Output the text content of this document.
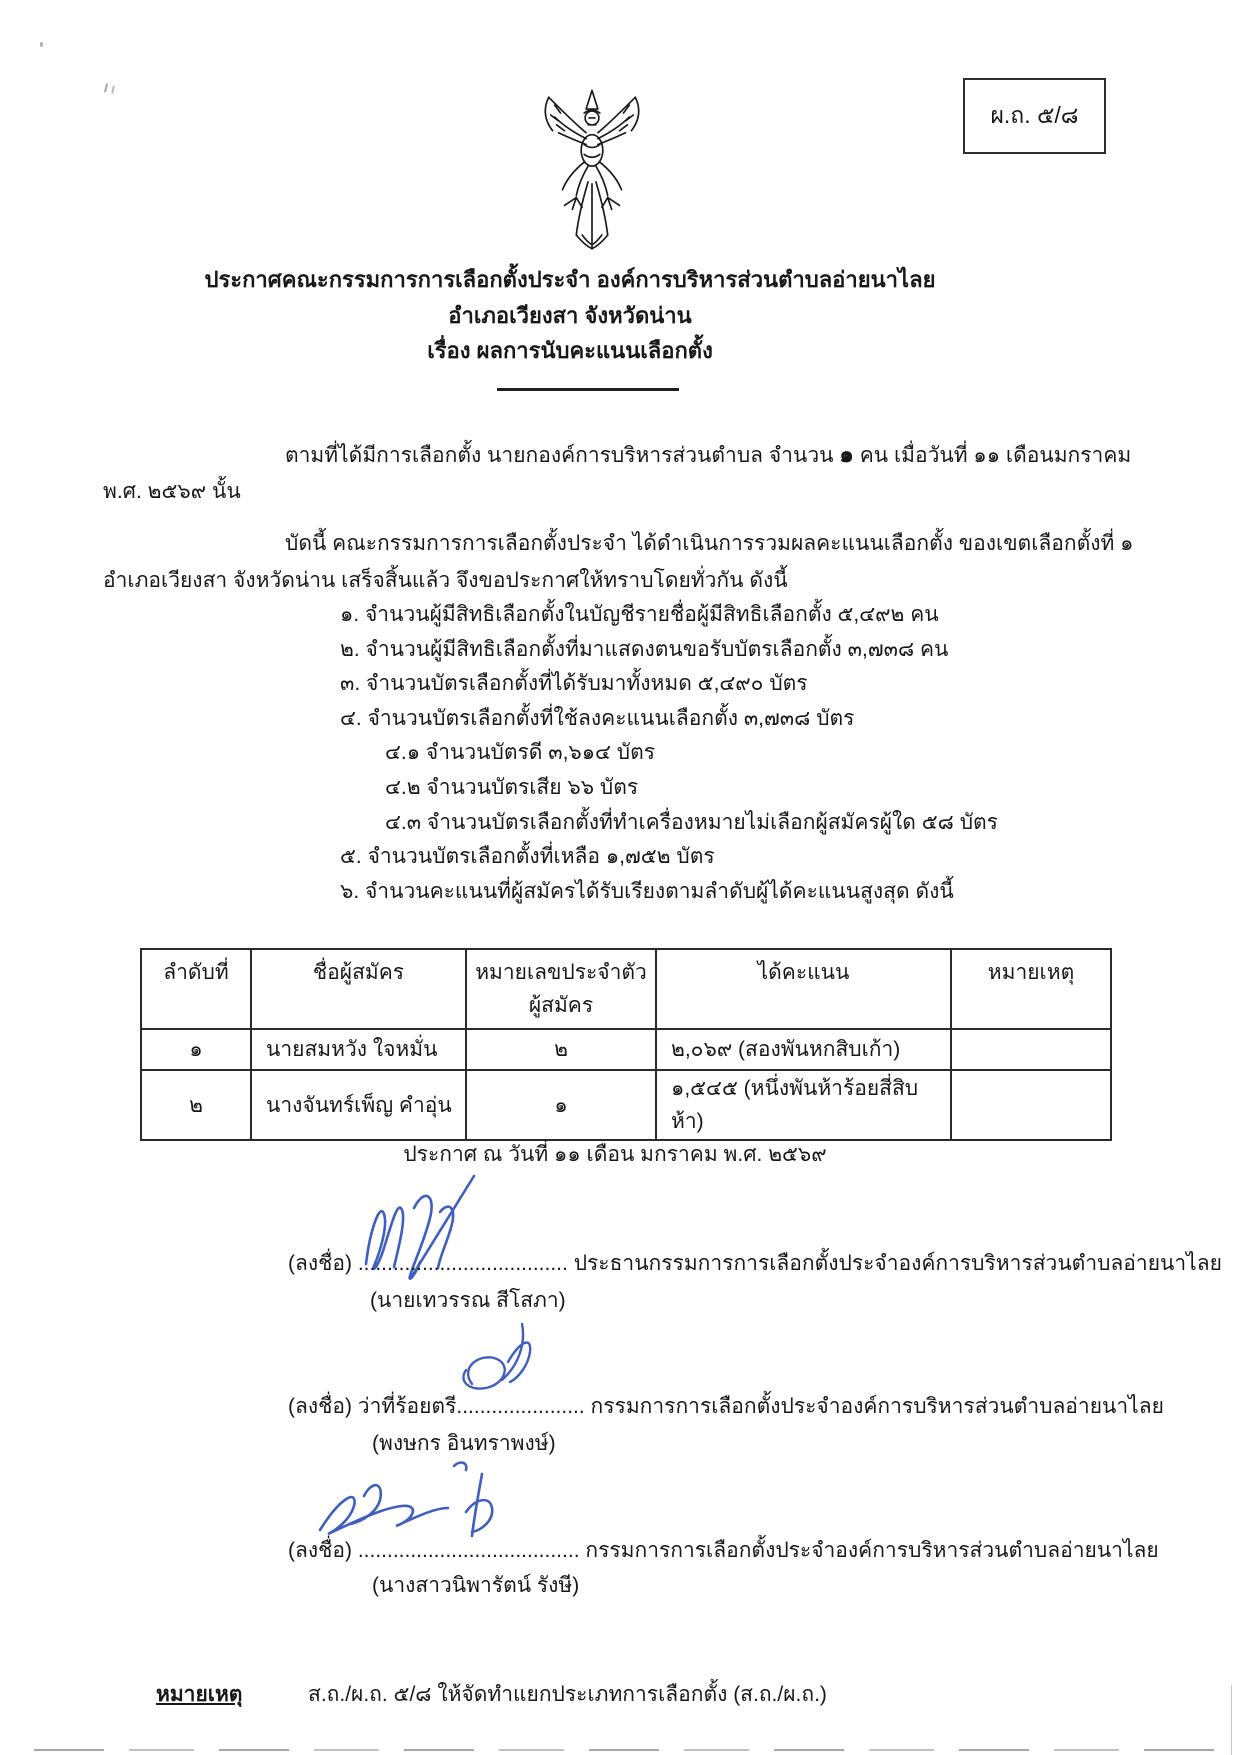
ผ.ถ. ๕/๘
ประกาศคณะกรรมการการเลือกตั้งประจำ องค์การบริหารส่วนตำบลอ่ายนาไลย
อำเภอเวียงสา จังหวัดน่าน
เรื่อง ผลการนับคะแนนเลือกตั้ง
ตามที่ได้มีการเลือกตั้ง นายกองค์การบริหารส่วนตำบล จำนวน ๑ คน เมื่อวันที่ ๑๑ เดือนมกราคม
พ.ศ. ๒๕๖๙ นั้น
บัดนี้ คณะกรรมการการเลือกตั้งประจำ ได้ดำเนินการรวมผลคะแนนเลือกตั้ง ของเขตเลือกตั้งที่ ๑
อำเภอเวียงสา จังหวัดน่าน เสร็จสิ้นแล้ว จึงขอประกาศให้ทราบโดยทั่วกัน ดังนี้
๑. จำนวนผู้มีสิทธิเลือกตั้งในบัญชีรายชื่อผู้มีสิทธิเลือกตั้ง ๕,๔๙๒ คน
๒. จำนวนผู้มีสิทธิเลือกตั้งที่มาแสดงตนขอรับบัตรเลือกตั้ง ๓,๗๓๘ คน
๓. จำนวนบัตรเลือกตั้งที่ได้รับมาทั้งหมด ๕,๔๙๐ บัตร
๔. จำนวนบัตรเลือกตั้งที่ใช้ลงคะแนนเลือกตั้ง ๓,๗๓๘ บัตร
๔.๑ จำนวนบัตรดี ๓,๖๑๔ บัตร
๔.๒ จำนวนบัตรเสีย ๖๖ บัตร
๔.๓ จำนวนบัตรเลือกตั้งที่ทำเครื่องหมายไม่เลือกผู้สมัครผู้ใด ๕๘ บัตร
๕. จำนวนบัตรเลือกตั้งที่เหลือ ๑,๗๕๒ บัตร
๖. จำนวนคะแนนที่ผู้สมัครได้รับเรียงตามลำดับผู้ได้คะแนนสูงสุด ดังนี้
ลำดับที่	ชื่อผู้สมัคร	หมายเลขประจำตัว
ผู้สมัคร	ได้คะแนน	หมายเหตุ
๑	นายสมหวัง ใจหมั่น	๒	๒,๐๖๙ (สองพันหกสิบเก้า)	
๒	นางจันทร์เพ็ญ คำอุ่น	๑	๑,๕๔๕ (หนึ่งพันห้าร้อยสี่สิบห้า)	
ประกาศ ณ วันที่ ๑๑ เดือน มกราคม พ.ศ. ๒๕๖๙
(ลงชื่อ) .................................... ประธานกรรมการการเลือกตั้งประจำองค์การบริหารส่วนตำบลอ่ายนาไลย
(นายเทวรรณ สีโสภา)
(ลงชื่อ) ว่าที่ร้อยตรี...................... กรรมการการเลือกตั้งประจำองค์การบริหารส่วนตำบลอ่ายนาไลย
(พงษกร อินทราพงษ์)
(ลงชื่อ) ...................................... กรรมการการเลือกตั้งประจำองค์การบริหารส่วนตำบลอ่ายนาไลย
(นางสาวนิพารัตน์ รังษี)
หมายเหตุ	ส.ถ./ผ.ถ. ๕/๘ ให้จัดทำแยกประเภทการเลือกตั้ง (ส.ถ./ผ.ถ.)
